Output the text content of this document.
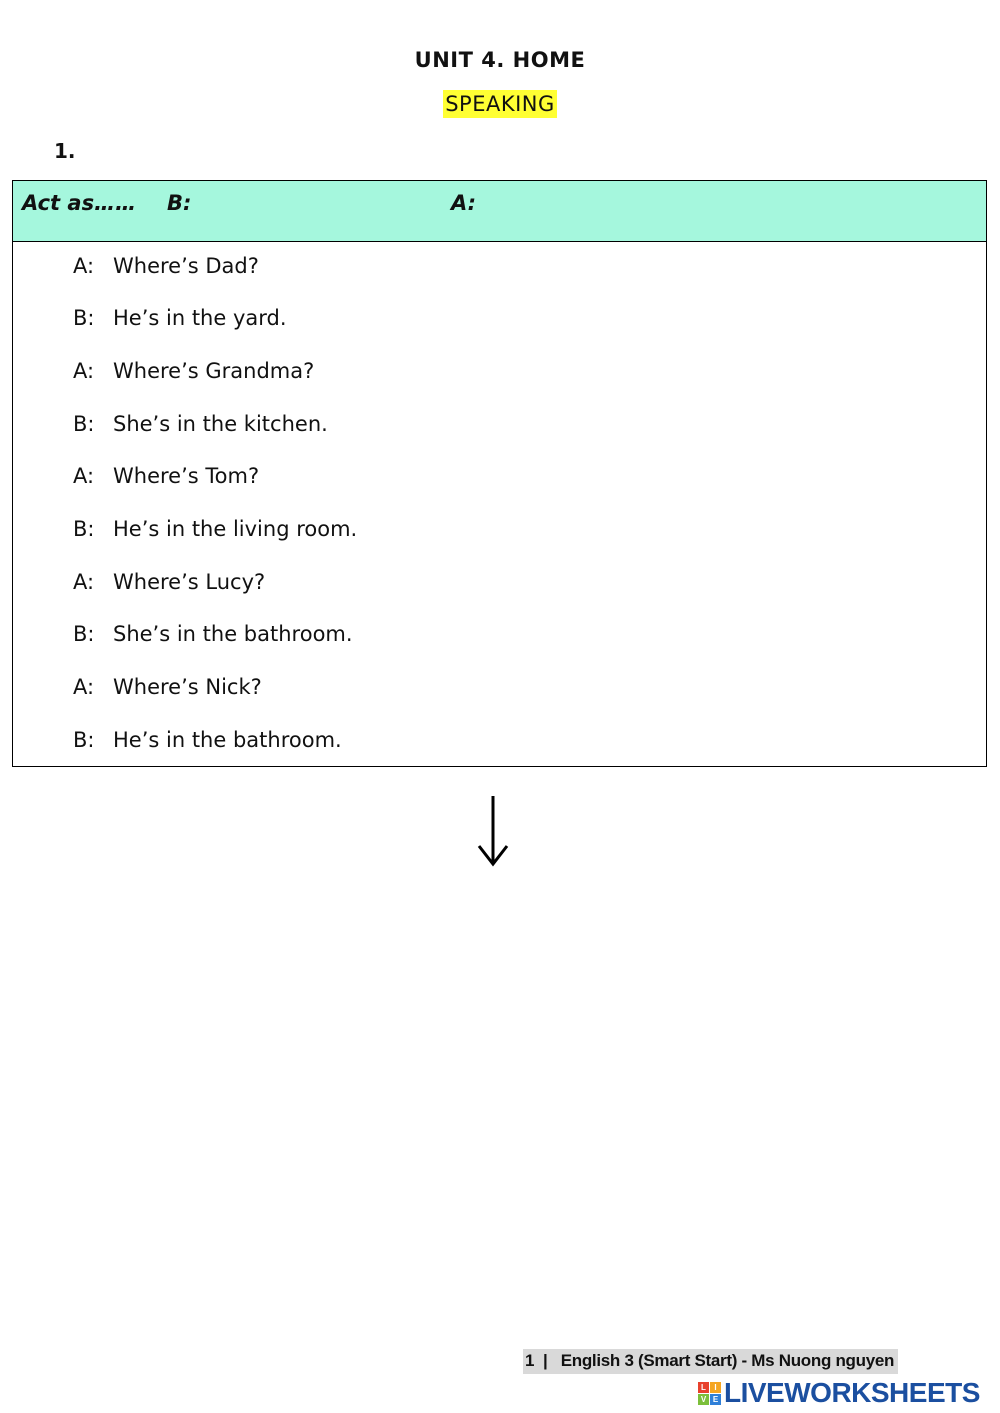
UNIT 4. HOME
SPEAKING
1.
Act as…… B:	A:
A: Where’s Dad?
B: He’s in the yard.
A: Where’s Grandma?
B: She’s in the kitchen.
A: Where’s Tom?
B: He’s in the living room.
A: Where’s Lucy?
B: She’s in the bathroom.
A: Where’s Nick?
B: He’s in the bathroom.
1  |   English 3 (Smart Start) - Ms Nuong nguyen
L	I
V E LIVEWORKSHEETS
